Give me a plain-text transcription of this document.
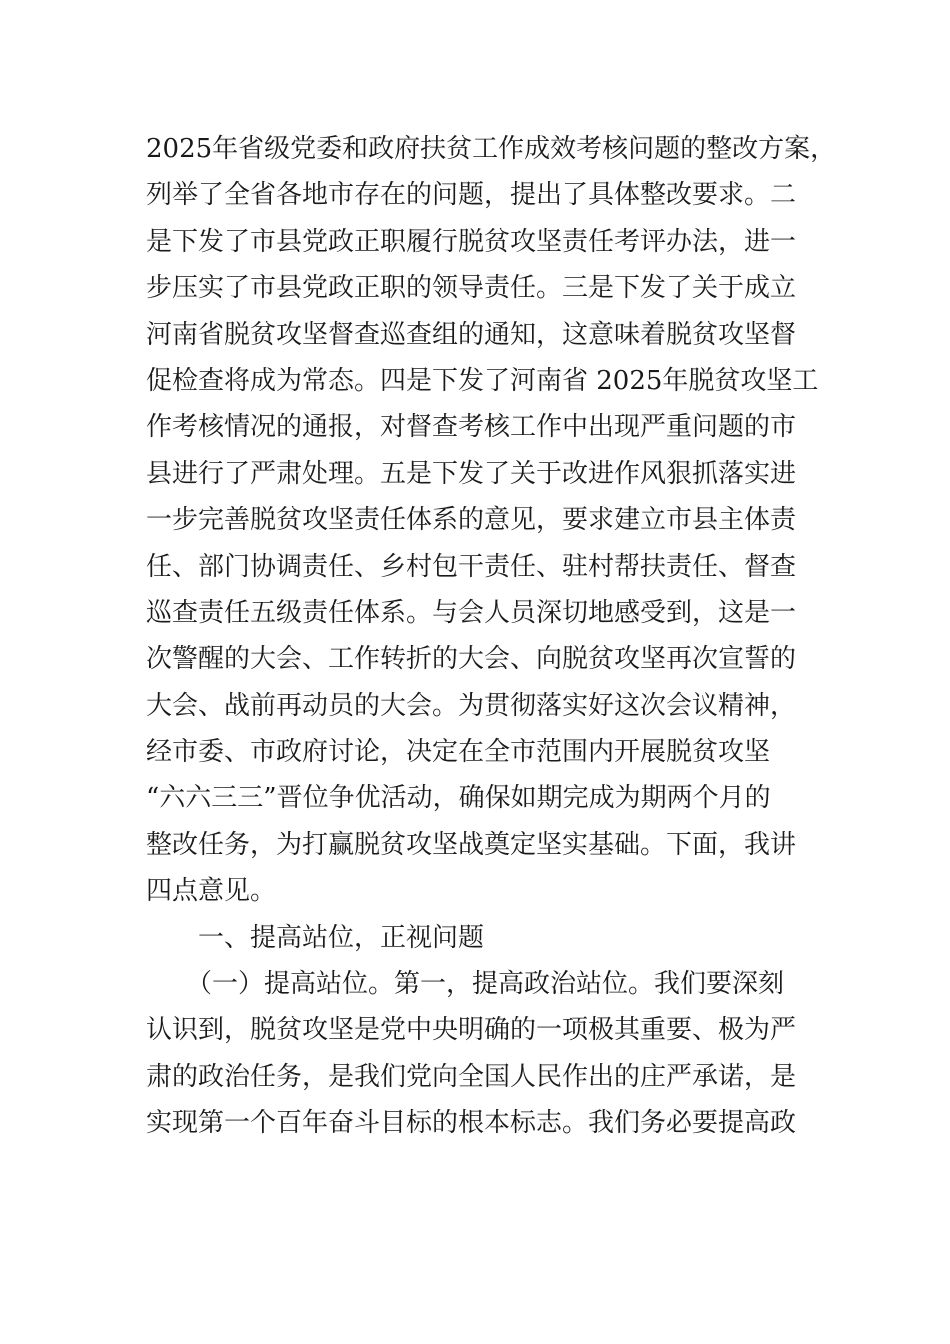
2025年省级党委和政府扶贫工作成效考核问题的整改方案，
列举了全省各地市存在的问题，提出了具体整改要求。二
是下发了市县党政正职履行脱贫攻坚责任考评办法，进一
步压实了市县党政正职的领导责任。三是下发了关于成立
河南省脱贫攻坚督查巡查组的通知，这意味着脱贫攻坚督
促检查将成为常态。四是下发了河南省 2025年脱贫攻坚工
作考核情况的通报，对督查考核工作中出现严重问题的市
县进行了严肃处理。五是下发了关于改进作风狠抓落实进
一步完善脱贫攻坚责任体系的意见，要求建立市县主体责
任、部门协调责任、乡村包干责任、驻村帮扶责任、督查
巡查责任五级责任体系。与会人员深切地感受到，这是一
次警醒的大会、工作转折的大会、向脱贫攻坚再次宣誓的
大会、战前再动员的大会。为贯彻落实好这次会议精神，
经市委、市政府讨论，决定在全市范围内开展脱贫攻坚
“六六三三”晋位争优活动，确保如期完成为期两个月的
整改任务，为打赢脱贫攻坚战奠定坚实基础。下面，我讲
四点意见。
一、提高站位，正视问题
（一）提高站位。第一，提高政治站位。我们要深刻
认识到，脱贫攻坚是党中央明确的一项极其重要、极为严
肃的政治任务，是我们党向全国人民作出的庄严承诺，是
实现第一个百年奋斗目标的根本标志。我们务必要提高政
